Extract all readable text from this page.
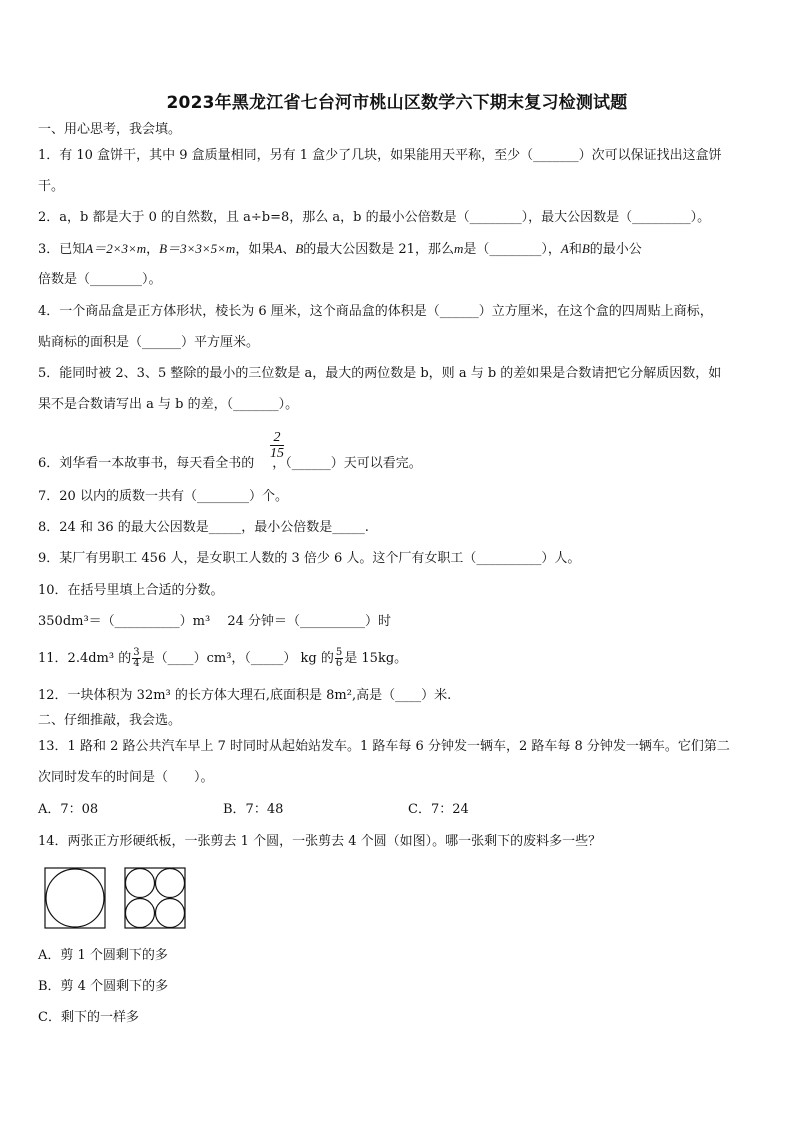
2023年黑龙江省七台河市桃山区数学六下期末复习检测试题
一、用心思考，我会填。
1．有 10 盒饼干，其中 9 盒质量相同，另有 1 盒少了几块，如果能用天平称，至少（_______）次可以保证找出这盒饼
干。
2．a，b 都是大于 0 的自然数，且 a÷b=8，那么 a，b 的最小公倍数是（________），最大公因数是（_________）。
3．已知A＝2×3×m，B＝3×3×5×m，如果A、B的最大公因数是 21，那么m是（________），A和B的最小公
倍数是（________）。
4．一个商品盒是正方体形状，棱长为 6 厘米，这个商品盒的体积是（______）立方厘米，在这个盒的四周贴上商标，
贴商标的面积是（______）平方厘米。
5．能同时被 2、3、5 整除的最小的三位数是 a，最大的两位数是 b，则 a 与 b 的差如果是合数请把它分解质因数，如
果不是合数请写出 a 与 b 的差，（_______）。
$\frac{2}{15}$
6．刘华看一本故事书，每天看全书的 ，（______）天可以看完。
7．20 以内的质数一共有（________）个。
8．24 和 36 的最大公因数是_____，最小公倍数是_____.
9．某厂有男职工 456 人，是女职工人数的 3 倍少 6 人。这个厂有女职工（__________）人。
10．在括号里填上合适的分数。
350dm³＝（__________）m³　 24 分钟＝（__________）时
11．2.4dm³ 的 $\frac{3}{4}$ 是（____）cm³，（_____） kg 的 $\frac{5}{6}$ 是 15kg。
12．一块体积为 32m³ 的长方体大理石,底面积是 8m²,高是（____）米.
二、仔细推敲，我会选。
13．1 路和 2 路公共汽车早上 7 时同时从起始站发车。1 路车每 6 分钟发一辆车，2 路车每 8 分钟发一辆车。它们第二
次同时发车的时间是（　　）。
A．7：08	B．7：48	C．7：24
14．两张正方形硬纸板，一张剪去 1 个圆，一张剪去 4 个圆（如图）。哪一张剩下的废料多一些？
A．剪 1 个圆剩下的多
B．剪 4 个圆剩下的多
C．剩下的一样多
